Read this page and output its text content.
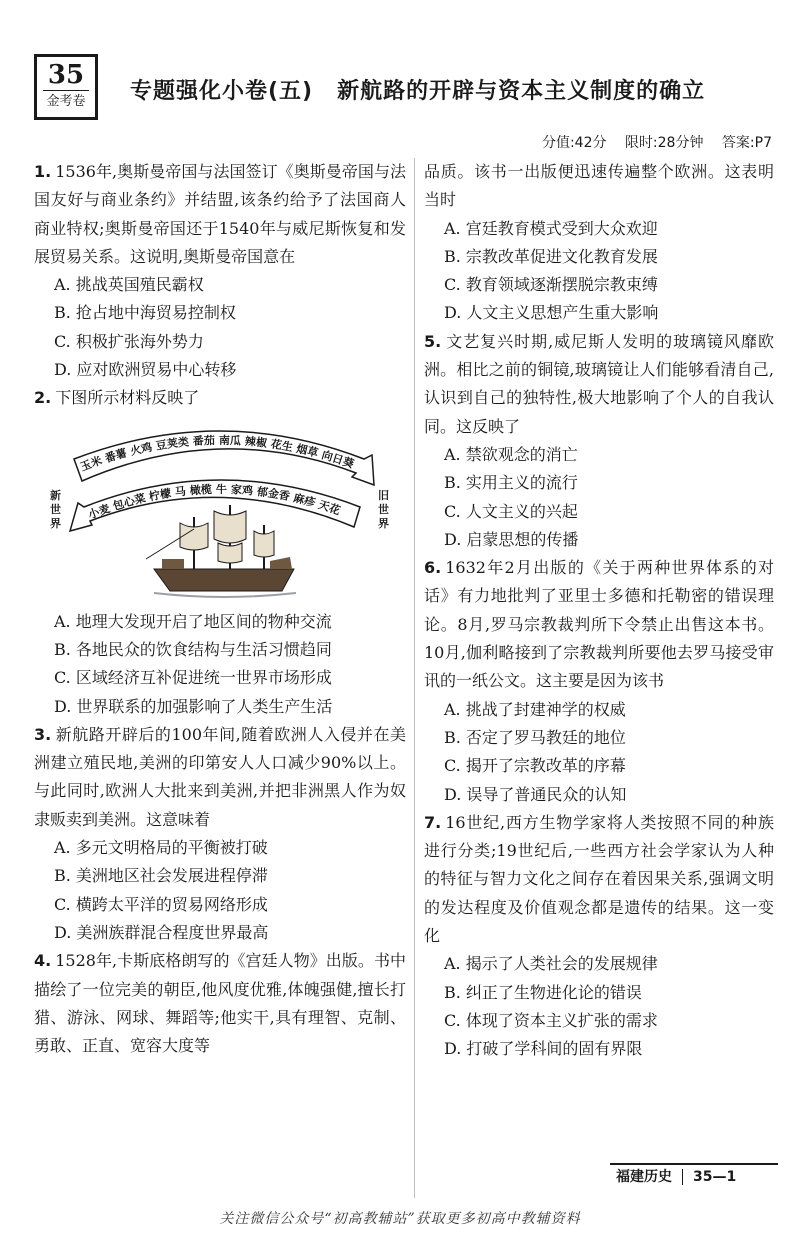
35
金考卷 专题强化小卷(五) 新航路的开辟与资本主义制度的确立
分值:42分 限时:28分钟 答案:P7
1. 1536年,奥斯曼帝国与法国签订《奥斯曼帝国与法国友好与商业条约》并结盟,该条约给予了法国商人商业特权;奥斯曼帝国还于1540年与威尼斯恢复和发展贸易关系。这说明,奥斯曼帝国意在
A. 挑战英国殖民霸权
B. 抢占地中海贸易控制权
C. 积极扩张海外势力
D. 应对欧洲贸易中心转移
2. 下图所示材料反映了
玉米 番薯 火鸡 豆荚类 番茄 南瓜 辣椒 花生 烟草 向日葵
小麦 包心菜 柠檬 马 橄榄 牛 家鸡 郁金香 麻疹 天花
新世界
旧世界
A. 地理大发现开启了地区间的物种交流
B. 各地民众的饮食结构与生活习惯趋同
C. 区域经济互补促进统一世界市场形成
D. 世界联系的加强影响了人类生产生活
3. 新航路开辟后的100年间,随着欧洲人入侵并在美洲建立殖民地,美洲的印第安人人口减少90%以上。与此同时,欧洲人大批来到美洲,并把非洲黑人作为奴隶贩卖到美洲。这意味着
A. 多元文明格局的平衡被打破
B. 美洲地区社会发展进程停滞
C. 横跨太平洋的贸易网络形成
D. 美洲族群混合程度世界最高
4. 1528年,卡斯底格朗写的《宫廷人物》出版。书中描绘了一位完美的朝臣,他风度优雅,体魄强健,擅长打猎、游泳、网球、舞蹈等;他实干,具有理智、克制、勇敢、正直、宽容大度等
品质。该书一出版便迅速传遍整个欧洲。这表明当时
A. 宫廷教育模式受到大众欢迎
B. 宗教改革促进文化教育发展
C. 教育领域逐渐摆脱宗教束缚
D. 人文主义思想产生重大影响
5. 文艺复兴时期,威尼斯人发明的玻璃镜风靡欧洲。相比之前的铜镜,玻璃镜让人们能够看清自己,认识到自己的独特性,极大地影响了个人的自我认同。这反映了
A. 禁欲观念的消亡
B. 实用主义的流行
C. 人文主义的兴起
D. 启蒙思想的传播
6. 1632年2月出版的《关于两种世界体系的对话》有力地批判了亚里士多德和托勒密的错误理论。8月,罗马宗教裁判所下令禁止出售这本书。10月,伽利略接到了宗教裁判所要他去罗马接受审讯的一纸公文。这主要是因为该书
A. 挑战了封建神学的权威
B. 否定了罗马教廷的地位
C. 揭开了宗教改革的序幕
D. 误导了普通民众的认知
7. 16世纪,西方生物学家将人类按照不同的种族进行分类;19世纪后,一些西方社会学家认为人种的特征与智力文化之间存在着因果关系,强调文明的发达程度及价值观念都是遗传的结果。这一变化
A. 揭示了人类社会的发展规律
B. 纠正了生物进化论的错误
C. 体现了资本主义扩张的需求
D. 打破了学科间的固有界限
福建历史 35—1
关注微信公众号“初高教辅站”获取更多初高中教辅资料
